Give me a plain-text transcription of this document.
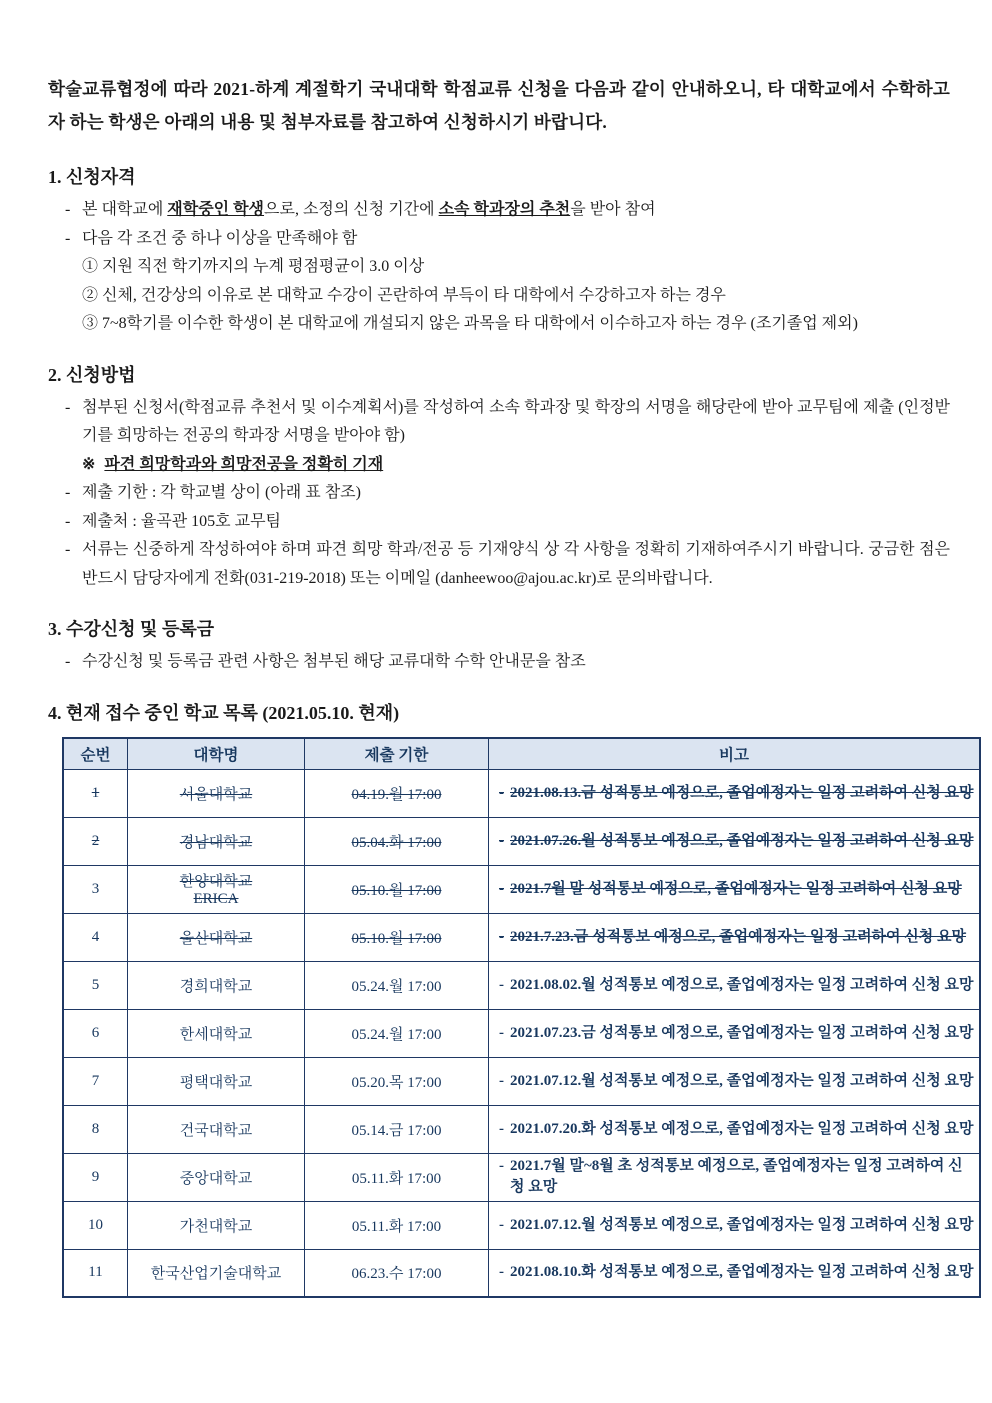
학술교류협정에 따라 2021-하계 계절학기 국내대학 학점교류 신청을 다음과 같이 안내하오니, 타 대학교에서 수학하고자 하는 학생은 아래의 내용 및 첨부자료를 참고하여 신청하시기 바랍니다.

1. 신청자격
- 본 대학교에 재학중인 학생으로, 소정의 신청 기간에 소속 학과장의 추천을 받아 참여
- 다음 각 조건 중 하나 이상을 만족해야 함
① 지원 직전 학기까지의 누계 평점평균이 3.0 이상
② 신체, 건강상의 이유로 본 대학교 수강이 곤란하여 부득이 타 대학에서 수강하고자 하는 경우
③ 7~8학기를 이수한 학생이 본 대학교에 개설되지 않은 과목을 타 대학에서 이수하고자 하는 경우 (조기졸업 제외)
2. 신청방법
- 첨부된 신청서(학점교류 추천서 및 이수계획서)를 작성하여 소속 학과장 및 학장의 서명을 해당란에 받아 교무팀에 제출 (인정받기를 희망하는 전공의 학과장 서명을 받아야 함)
※ 파견 희망학과와 희망전공을 정확히 기재
- 제출 기한 : 각 학교별 상이 (아래 표 참조)
- 제출처 : 율곡관 105호 교무팀
- 서류는 신중하게 작성하여야 하며 파견 희망 학과/전공 등 기재양식 상 각 사항을 정확히 기재하여주시기 바랍니다. 궁금한 점은 반드시 담당자에게 전화(031-219-2018) 또는 이메일 (danheewoo@ajou.ac.kr)로 문의바랍니다.
3. 수강신청 및 등록금
- 수강신청 및 등록금 관련 사항은 첨부된 해당 교류대학 수학 안내문을 참조
4. 현재 접수 중인 학교 목록 (2021.05.10. 현재)
순번	대학명	제출 기한	비고
1	서울대학교	04.19.월 17:00	- 2021.08.13.금 성적통보 예정으로, 졸업예정자는 일정 고려하여 신청 요망

2	경남대학교	05.04.화 17:00	- 2021.07.26.월 성적통보 예정으로, 졸업예정자는 일정 고려하여 신청 요망

3	한양대학교
ERICA	05.10.월 17:00	- 2021.7월 말 성적통보 예정으로, 졸업예정자는 일정 고려하여 신청 요망

4	울산대학교	05.10.월 17:00	- 2021.7.23.금 성적통보 예정으로, 졸업예정자는 일정 고려하여 신청 요망

5	경희대학교	05.24.월 17:00	- 2021.08.02.월 성적통보 예정으로, 졸업예정자는 일정 고려하여 신청 요망

6	한세대학교	05.24.월 17:00	- 2021.07.23.금 성적통보 예정으로, 졸업예정자는 일정 고려하여 신청 요망

7	평택대학교	05.20.목 17:00	- 2021.07.12.월 성적통보 예정으로, 졸업예정자는 일정 고려하여 신청 요망

8	건국대학교	05.14.금 17:00	- 2021.07.20.화 성적통보 예정으로, 졸업예정자는 일정 고려하여 신청 요망

9	중앙대학교	05.11.화 17:00	- 2021.7월 말~8월 초 성적통보 예정으로, 졸업예정자는 일정 고려하여 신청 요망

10	가천대학교	05.11.화 17:00	- 2021.07.12.월 성적통보 예정으로, 졸업예정자는 일정 고려하여 신청 요망

11	한국산업기술대학교	06.23.수 17:00	- 2021.08.10.화 성적통보 예정으로, 졸업예정자는 일정 고려하여 신청 요망
